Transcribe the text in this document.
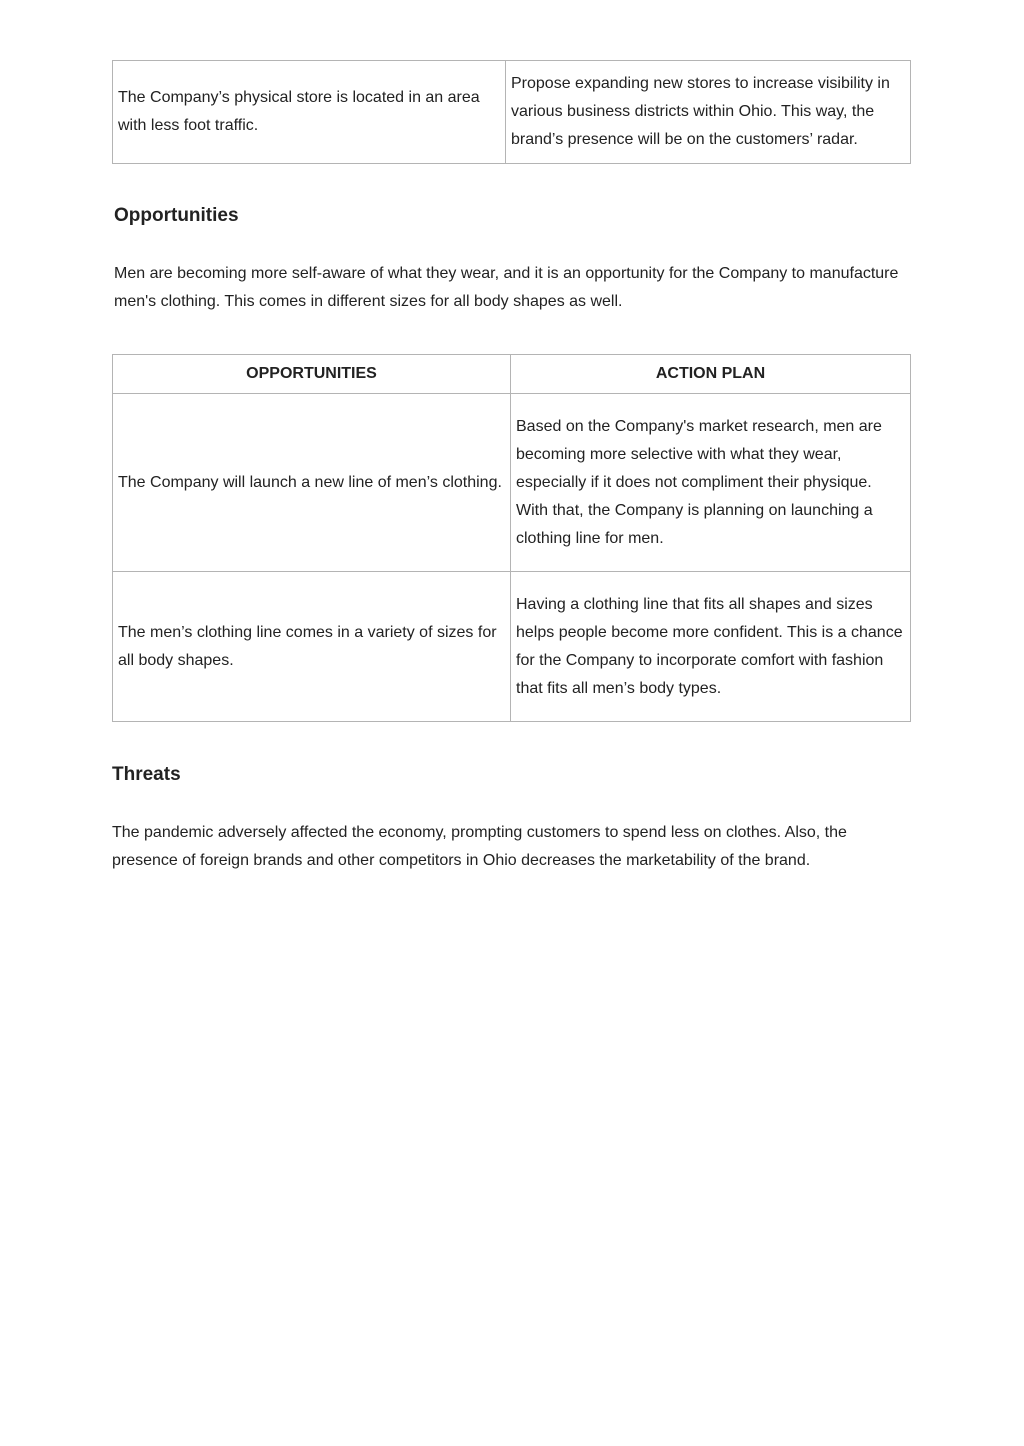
The Company’s physical store is located in an area with less foot traffic.	Propose expanding new stores to increase visibility in various business districts within Ohio. This way, the brand’s presence will be on the customers’ radar.
Opportunities

Men are becoming more self-aware of what they wear, and it is an opportunity for the Company to manufacture men's clothing. This comes in different sizes for all body shapes as well.

OPPORTUNITIES	ACTION PLAN
The Company will launch a new line of men’s clothing.	Based on the Company's market research, men are becoming more selective with what they wear, especially if it does not compliment their physique. With that, the Company is planning on launching a clothing line for men.
The men’s clothing line comes in a variety of sizes for all body shapes.	Having a clothing line that fits all shapes and sizes helps people become more confident. This is a chance for the Company to incorporate comfort with fashion that fits all men’s body types.
Threats

The pandemic adversely affected the economy, prompting customers to spend less on clothes. Also, the presence of foreign brands and other competitors in Ohio decreases the marketability of the brand.
